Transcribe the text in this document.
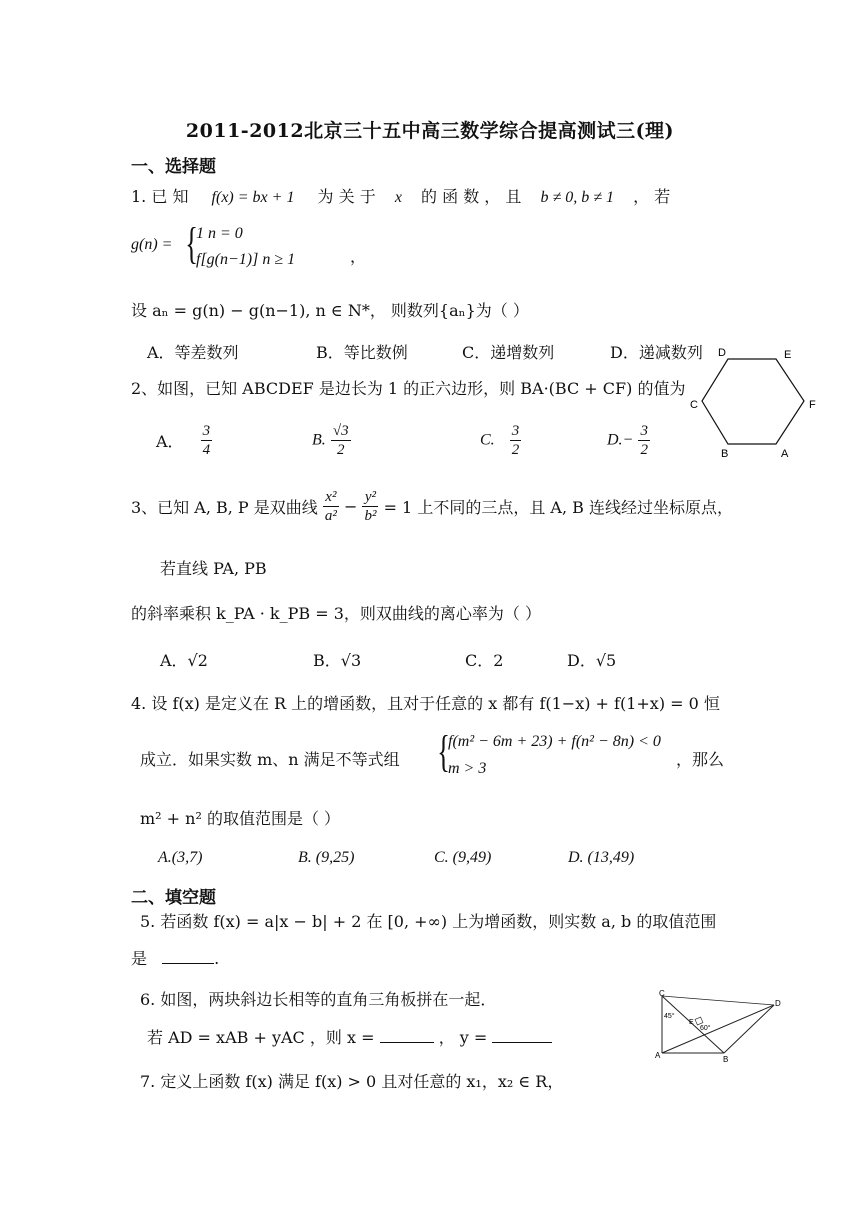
2011-2012北京三十五中高三数学综合提高测试三(理)
一、选择题
1. 已 知 f(x) = bx + 1 为 关 于 x 的 函 数 ， 且 b ≠ 0, b ≠ 1 ， 若
g(n) = {
1 n = 0
f[g(n−1)] n ≥ 1	，
设 aₙ = g(n) − g(n−1), n ∈ N*， 则数列{aₙ}为（ ）
A．等差数列	B．等比数例	C．递增数列	D．递减数列 D	E
F
A
B
C
2、如图，已知 ABCDEF 是边长为 1 的正六边形，则 BA·(BC + CF) 的值为
A． $\frac{3}{4}$	B. $\frac{√3}{2}$	C. $\frac{3}{2}$	$D.- \frac{3}{2}$
3、已知 A, B, P 是双曲线 $\frac{\text{x²}}{\text{a²}} - \frac{\text{y²}}{\text{b²}} = 1$ 上不同的三点，且 A, B 连线经过坐标原点，
若直线 PA, PB
的斜率乘积 k_PA · k_PB = 3，则双曲线的离心率为（ ）
A．√2	B．√3	C．2	D．√5
4. 设 f(x) 是定义在 R 上的增函数，且对于任意的 x 都有 f(1−x) + f(1+x) = 0 恒
成立．如果实数 m、n 满足不等式组 {
f(m² − 6m + 23) + f(n² − 8n) < 0
m > 3	，那么
m² + n² 的取值范围是（ ）
A.(3,7)	B. (9,25)	C. (9,49)	D. (13,49)
二、填空题
5. 若函数 f(x) = a|x − b| + 2 在 [0, +∞) 上为增函数，则实数 a, b 的取值范围
是	.
6. 如图，两块斜边长相等的直角三角板拼在一起．
若 AD = xAB + yAC ，则 x =	， y =
C
D
E
A	B
45°
60°
7. 定义上函数 f(x) 满足 f(x) > 0 且对任意的 x₁，x₂ ∈ R，
